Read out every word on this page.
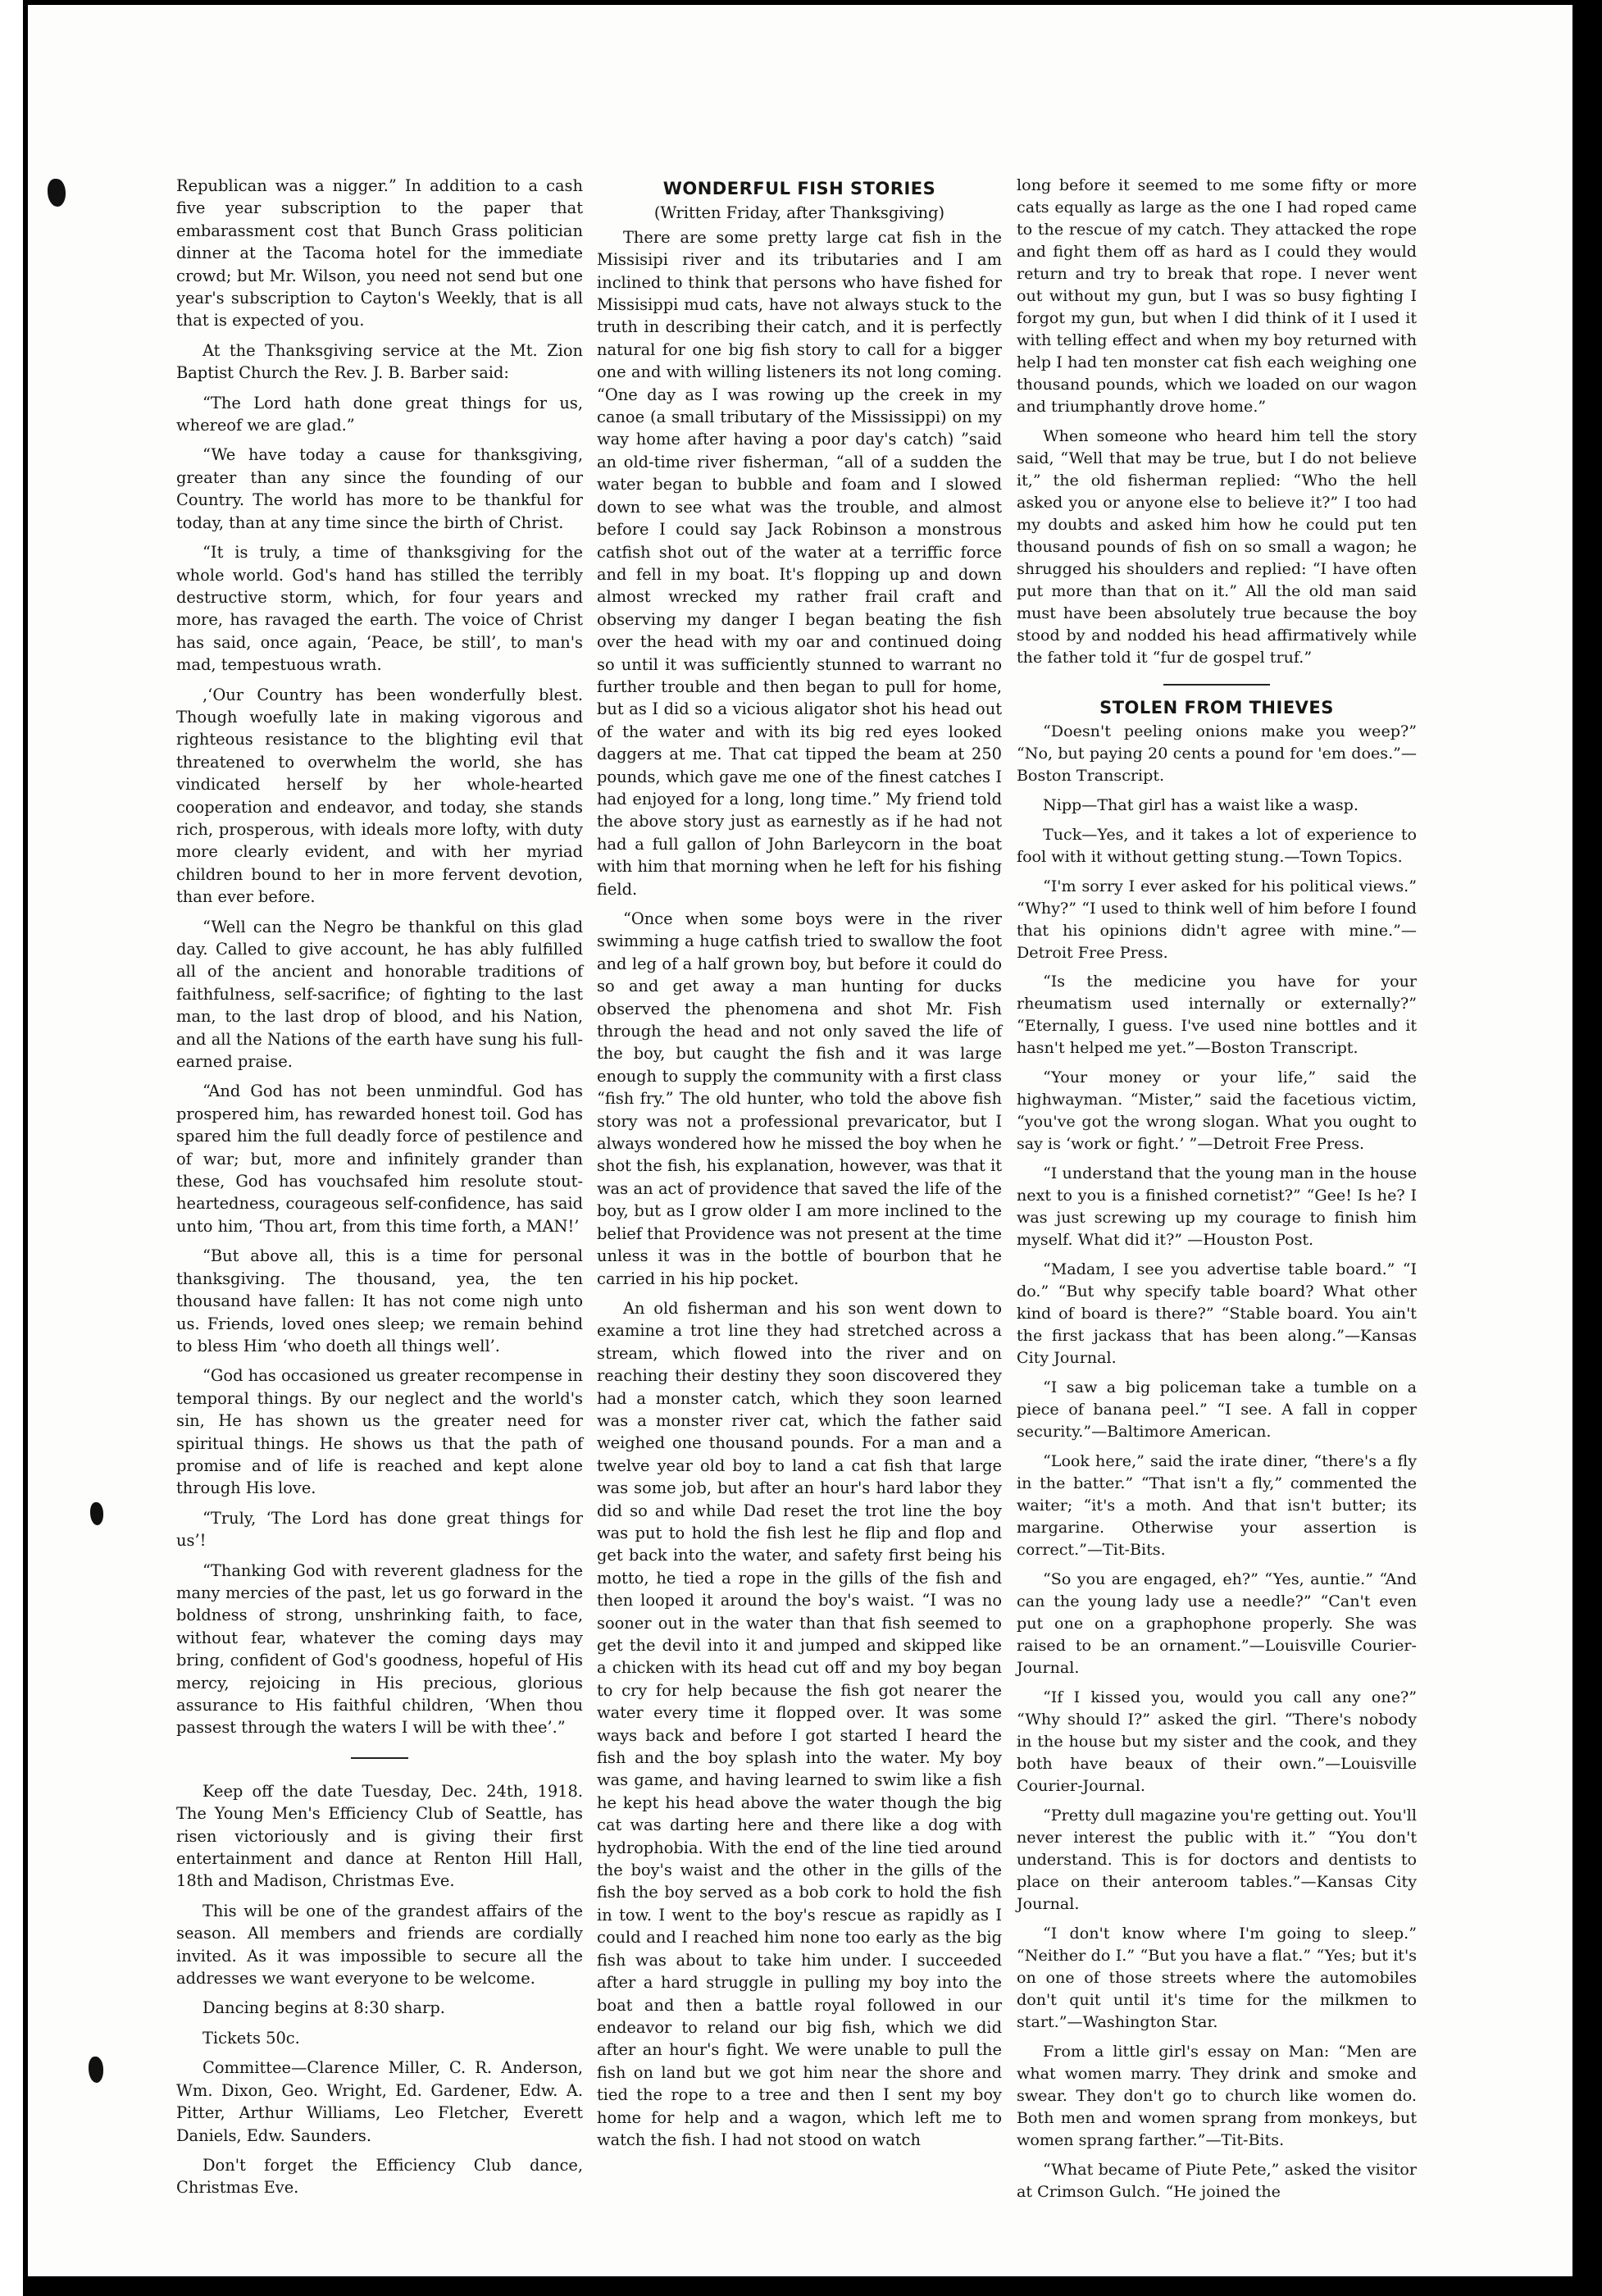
Republican was a nigger.” In addition to a cash five year subscription to the paper that embarassment cost that Bunch Grass politician dinner at the Tacoma hotel for the immediate crowd; but Mr. Wilson, you need not send but one year's subscription to Cayton's Weekly, that is all that is expected of you.

At the Thanksgiving service at the Mt. Zion Baptist Church the Rev. J. B. Barber said:

“The Lord hath done great things for us, whereof we are glad.”

“We have today a cause for thanksgiving, greater than any since the founding of our Country. The world has more to be thankful for today, than at any time since the birth of Christ.

“It is truly, a time of thanksgiving for the whole world. God's hand has stilled the terribly destructive storm, which, for four years and more, has ravaged the earth. The voice of Christ has said, once again, ‘Peace, be still’, to man's mad, tempestuous wrath.

,‘Our Country has been wonderfully blest. Though woefully late in making vigorous and righteous resistance to the blighting evil that threatened to overwhelm the world, she has vindicated herself by her whole-hearted cooperation and endeavor, and today, she stands rich, prosperous, with ideals more lofty, with duty more clearly evident, and with her myriad children bound to her in more fervent devotion, than ever before.

“Well can the Negro be thankful on this glad day. Called to give account, he has ably fulfilled all of the ancient and honorable traditions of faithfulness, self-sacrifice; of fighting to the last man, to the last drop of blood, and his Nation, and all the Nations of the earth have sung his full-earned praise.

“And God has not been unmindful. God has prospered him, has rewarded honest toil. God has spared him the full deadly force of pestilence and of war; but, more and infinitely grander than these, God has vouchsafed him resolute stout-heartedness, courageous self-confidence, has said unto him, ‘Thou art, from this time forth, a MAN!’

“But above all, this is a time for personal thanksgiving. The thousand, yea, the ten thousand have fallen: It has not come nigh unto us. Friends, loved ones sleep; we remain behind to bless Him ‘who doeth all things well’.

“God has occasioned us greater recompense in temporal things. By our neglect and the world's sin, He has shown us the greater need for spiritual things. He shows us that the path of promise and of life is reached and kept alone through His love.

“Truly, ‘The Lord has done great things for us’!

“Thanking God with reverent gladness for the many mercies of the past, let us go forward in the boldness of strong, unshrinking faith, to face, without fear, whatever the coming days may bring, confident of God's goodness, hopeful of His mercy, rejoicing in His precious, glorious assurance to His faithful children, ‘When thou passest through the waters I will be with thee’.”

Keep off the date Tuesday, Dec. 24th, 1918. The Young Men's Efficiency Club of Seattle, has risen victoriously and is giving their first entertainment and dance at Renton Hill Hall, 18th and Madison, Christmas Eve.

This will be one of the grandest affairs of the season. All members and friends are cordially invited. As it was impossible to secure all the addresses we want everyone to be welcome.

Dancing begins at 8:30 sharp.

Tickets 50c.

Committee—Clarence Miller, C. R. Anderson, Wm. Dixon, Geo. Wright, Ed. Gardener, Edw. A. Pitter, Arthur Williams, Leo Fletcher, Everett Daniels, Edw. Saunders.

Don't forget the Efficiency Club dance, Christmas Eve.

WONDERFUL FISH STORIES
(Written Friday, after Thanksgiving)

There are some pretty large cat fish in the Missisipi river and its tributaries and I am inclined to think that persons who have fished for Missisippi mud cats, have not always stuck to the truth in describing their catch, and it is perfectly natural for one big fish story to call for a bigger one and with willing listeners its not long coming. “One day as I was rowing up the creek in my canoe (a small tributary of the Mississippi) on my way home after having a poor day's catch) ”said an old-time river fisherman, “all of a sudden the water began to bubble and foam and I slowed down to see what was the trouble, and almost before I could say Jack Robinson a monstrous catfish shot out of the water at a terriffic force and fell in my boat. It's flopping up and down almost wrecked my rather frail craft and observing my danger I began beating the fish over the head with my oar and continued doing so until it was sufficiently stunned to warrant no further trouble and then began to pull for home, but as I did so a vicious aligator shot his head out of the water and with its big red eyes looked daggers at me. That cat tipped the beam at 250 pounds, which gave me one of the finest catches I had enjoyed for a long, long time.” My friend told the above story just as earnestly as if he had not had a full gallon of John Barleycorn in the boat with him that morning when he left for his fishing field.

“Once when some boys were in the river swimming a huge catfish tried to swallow the foot and leg of a half grown boy, but before it could do so and get away a man hunting for ducks observed the phenomena and shot Mr. Fish through the head and not only saved the life of the boy, but caught the fish and it was large enough to supply the community with a first class “fish fry.” The old hunter, who told the above fish story was not a professional prevaricator, but I always wondered how he missed the boy when he shot the fish, his explanation, however, was that it was an act of providence that saved the life of the boy, but as I grow older I am more inclined to the belief that Providence was not present at the time unless it was in the bottle of bourbon that he carried in his hip pocket.

An old fisherman and his son went down to examine a trot line they had stretched across a stream, which flowed into the river and on reaching their destiny they soon discovered they had a monster catch, which they soon learned was a monster river cat, which the father said weighed one thousand pounds. For a man and a twelve year old boy to land a cat fish that large was some job, but after an hour's hard labor they did so and while Dad reset the trot line the boy was put to hold the fish lest he flip and flop and get back into the water, and safety first being his motto, he tied a rope in the gills of the fish and then looped it around the boy's waist. “I was no sooner out in the water than that fish seemed to get the devil into it and jumped and skipped like a chicken with its head cut off and my boy began to cry for help because the fish got nearer the water every time it flopped over. It was some ways back and before I got started I heard the fish and the boy splash into the water. My boy was game, and having learned to swim like a fish he kept his head above the water though the big cat was darting here and there like a dog with hydrophobia. With the end of the line tied around the boy's waist and the other in the gills of the fish the boy served as a bob cork to hold the fish in tow. I went to the boy's rescue as rapidly as I could and I reached him none too early as the big fish was about to take him under. I succeeded after a hard struggle in pulling my boy into the boat and then a battle royal followed in our endeavor to reland our big fish, which we did after an hour's fight. We were unable to pull the fish on land but we got him near the shore and tied the rope to a tree and then I sent my boy home for help and a wagon, which left me to watch the fish. I had not stood on watch

long before it seemed to me some fifty or more cats equally as large as the one I had roped came to the rescue of my catch. They attacked the rope and fight them off as hard as I could they would return and try to break that rope. I never went out without my gun, but I was so busy fighting I forgot my gun, but when I did think of it I used it with telling effect and when my boy returned with help I had ten monster cat fish each weighing one thousand pounds, which we loaded on our wagon and triumphantly drove home.”

When someone who heard him tell the story said, “Well that may be true, but I do not believe it,” the old fisherman replied: “Who the hell asked you or anyone else to believe it?” I too had my doubts and asked him how he could put ten thousand pounds of fish on so small a wagon; he shrugged his shoulders and replied: “I have often put more than that on it.” All the old man said must have been absolutely true because the boy stood by and nodded his head affirmatively while the father told it “fur de gospel truf.”

STOLEN FROM THIEVES

“Doesn't peeling onions make you weep?” “No, but paying 20 cents a pound for 'em does.”—Boston Transcript.

Nipp—That girl has a waist like a wasp.

Tuck—Yes, and it takes a lot of experience to fool with it without getting stung.—Town Topics.

“I'm sorry I ever asked for his political views.” “Why?” “I used to think well of him before I found that his opinions didn't agree with mine.”—Detroit Free Press.

“Is the medicine you have for your rheumatism used internally or externally?” “Eternally, I guess. I've used nine bottles and it hasn't helped me yet.”—Boston Transcript.

“Your money or your life,” said the highwayman. “Mister,” said the facetious victim, “you've got the wrong slogan. What you ought to say is ‘work or fight.’ ”—Detroit Free Press.

“I understand that the young man in the house next to you is a finished cornetist?” “Gee! Is he? I was just screwing up my courage to finish him myself. What did it?” —Houston Post.

“Madam, I see you advertise table board.” “I do.” “But why specify table board? What other kind of board is there?” “Stable board. You ain't the first jackass that has been along.”—Kansas City Journal.

“I saw a big policeman take a tumble on a piece of banana peel.” “I see. A fall in copper security.”—Baltimore American.

“Look here,” said the irate diner, “there's a fly in the batter.” “That isn't a fly,” commented the waiter; “it's a moth. And that isn't butter; its margarine. Otherwise your assertion is correct.”—Tit-Bits.

“So you are engaged, eh?” “Yes, auntie.” “And can the young lady use a needle?” “Can't even put one on a graphophone properly. She was raised to be an ornament.”—Louisville Courier-Journal.

“If I kissed you, would you call any one?” “Why should I?” asked the girl. “There's nobody in the house but my sister and the cook, and they both have beaux of their own.”—Louisville Courier-Journal.

“Pretty dull magazine you're getting out. You'll never interest the public with it.” “You don't understand. This is for doctors and dentists to place on their anteroom tables.”—Kansas City Journal.

“I don't know where I'm going to sleep.” “Neither do I.” “But you have a flat.” “Yes; but it's on one of those streets where the automobiles don't quit until it's time for the milkmen to start.”—Washington Star.

From a little girl's essay on Man: “Men are what women marry. They drink and smoke and swear. They don't go to church like women do. Both men and women sprang from monkeys, but women sprang farther.”—Tit-Bits.

“What became of Piute Pete,” asked the visitor at Crimson Gulch. “He joined the
